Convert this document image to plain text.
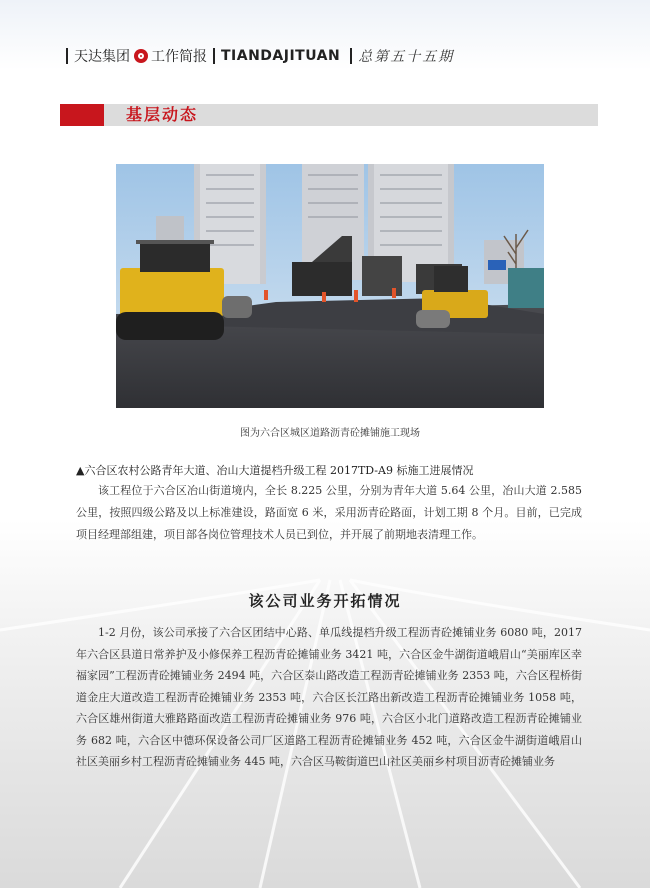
天达集团 工作简报 TIANDAJITUAN 总第五十五期
基层动态
图为六合区城区道路沥青砼摊铺施工现场
▲六合区农村公路青年大道、冶山大道提档升级工程 2017TD-A9 标施工进展情况
该工程位于六合区冶山街道境内，全长 8.225 公里，分别为青年大道 5.64 公里，冶山大道 2.585 公里，按照四级公路及以上标准建设，路面宽 6 米，采用沥青砼路面，计划工期 8 个月。目前，已完成项目经理部组建，项目部各岗位管理技术人员已到位，并开展了前期地表清理工作。
该公司业务开拓情况
1-2 月份，该公司承接了六合区团结中心路、单瓜线提档升级工程沥青砼摊铺业务 6080 吨，2017 年六合区县道日常养护及小修保养工程沥青砼摊铺业务 3421 吨，六合区金牛湖街道峨眉山“美丽库区幸福家园”工程沥青砼摊铺业务 2494 吨，六合区泰山路改造工程沥青砼摊铺业务 2353 吨，六合区程桥街道金庄大道改造工程沥青砼摊铺业务 2353 吨，六合区长江路出新改造工程沥青砼摊铺业务 1058 吨，六合区雄州街道大雅路路面改造工程沥青砼摊铺业务 976 吨，六合区小北门道路改造工程沥青砼摊铺业务 682 吨，六合区中德环保设备公司厂区道路工程沥青砼摊铺业务 452 吨，六合区金牛湖街道峨眉山社区美丽乡村工程沥青砼摊铺业务 445 吨，六合区马鞍街道巴山社区美丽乡村项目沥青砼摊铺业务
